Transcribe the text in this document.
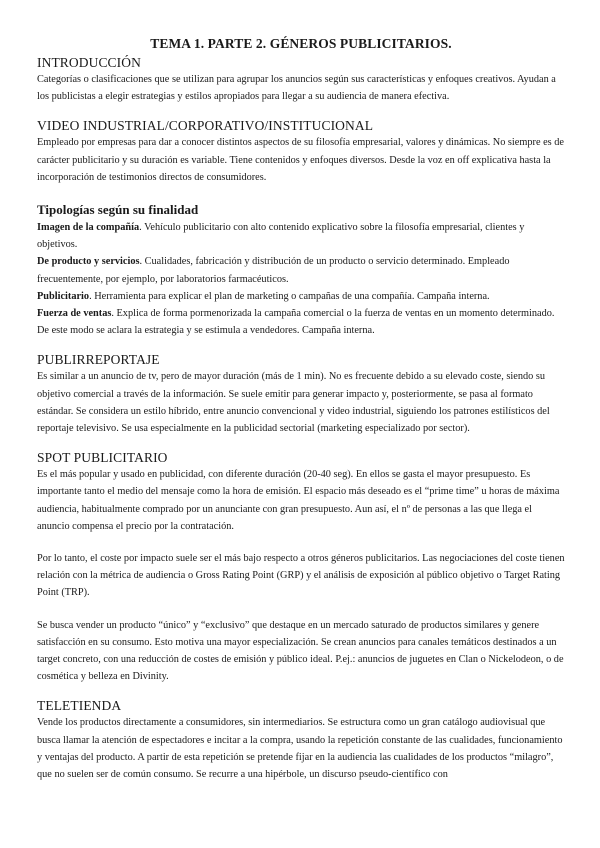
TEMA 1. PARTE 2. GÉNEROS PUBLICITARIOS.
INTRODUCCIÓN

Categorías o clasificaciones que se utilizan para agrupar los anuncios según sus características y enfoques creativos. Ayudan a los publicistas a elegir estrategias y estilos apropiados para llegar a su audiencia de manera efectiva.

VIDEO INDUSTRIAL/CORPORATIVO/INSTITUCIONAL

Empleado por empresas para dar a conocer distintos aspectos de su filosofía empresarial, valores y dinámicas. No siempre es de carácter publicitario y su duración es variable. Tiene contenidos y enfoques diversos. Desde la voz en off explicativa hasta la incorporación de testimonios directos de consumidores.

Tipologías según su finalidad

Imagen de la compañía. Vehículo publicitario con alto contenido explicativo sobre la filosofía empresarial, clientes y objetivos.

De producto y servicios. Cualidades, fabricación y distribución de un producto o servicio determinado. Empleado frecuentemente, por ejemplo, por laboratorios farmacéuticos.

Publicitario. Herramienta para explicar el plan de marketing o campañas de una compañía. Campaña interna.

Fuerza de ventas. Explica de forma pormenorizada la campaña comercial o la fuerza de ventas en un momento determinado. De este modo se aclara la estrategia y se estimula a vendedores. Campaña interna.

PUBLIRREPORTAJE

Es similar a un anuncio de tv, pero de mayor duración (más de 1 min). No es frecuente debido a su elevado coste, siendo su objetivo comercial a través de la información. Se suele emitir para generar impacto y, posteriormente, se pasa al formato estándar. Se considera un estilo híbrido, entre anuncio convencional y video industrial, siguiendo los patrones estilísticos del reportaje televisivo. Se usa especialmente en la publicidad sectorial (marketing especializado por sector).

SPOT PUBLICITARIO

Es el más popular y usado en publicidad, con diferente duración (20-40 seg). En ellos se gasta el mayor presupuesto. Es importante tanto el medio del mensaje como la hora de emisión. El espacio más deseado es el “prime time” u horas de máxima audiencia, habitualmente comprado por un anunciante con gran presupuesto. Aun así, el nº de personas a las que llega el anuncio compensa el precio por la contratación.

Por lo tanto, el coste por impacto suele ser el más bajo respecto a otros géneros publicitarios. Las negociaciones del coste tienen relación con la métrica de audiencia o Gross Rating Point (GRP) y el análisis de exposición al público objetivo o Target Rating Point (TRP).

Se busca vender un producto “único” y “exclusivo” que destaque en un mercado saturado de productos similares y genere satisfacción en su consumo. Esto motiva una mayor especialización. Se crean anuncios para canales temáticos destinados a un target concreto, con una reducción de costes de emisión y público ideal. P.ej.: anuncios de juguetes en Clan o Nickelodeon, o de cosmética y belleza en Divinity.

TELETIENDA

Vende los productos directamente a consumidores, sin intermediarios. Se estructura como un gran catálogo audiovisual que busca llamar la atención de espectadores e incitar a la compra, usando la repetición constante de las cualidades, funcionamiento y ventajas del producto. A partir de esta repetición se pretende fijar en la audiencia las cualidades de los productos “milagro”, que no suelen ser de común consumo. Se recurre a una hipérbole, un discurso pseudo-científico con
